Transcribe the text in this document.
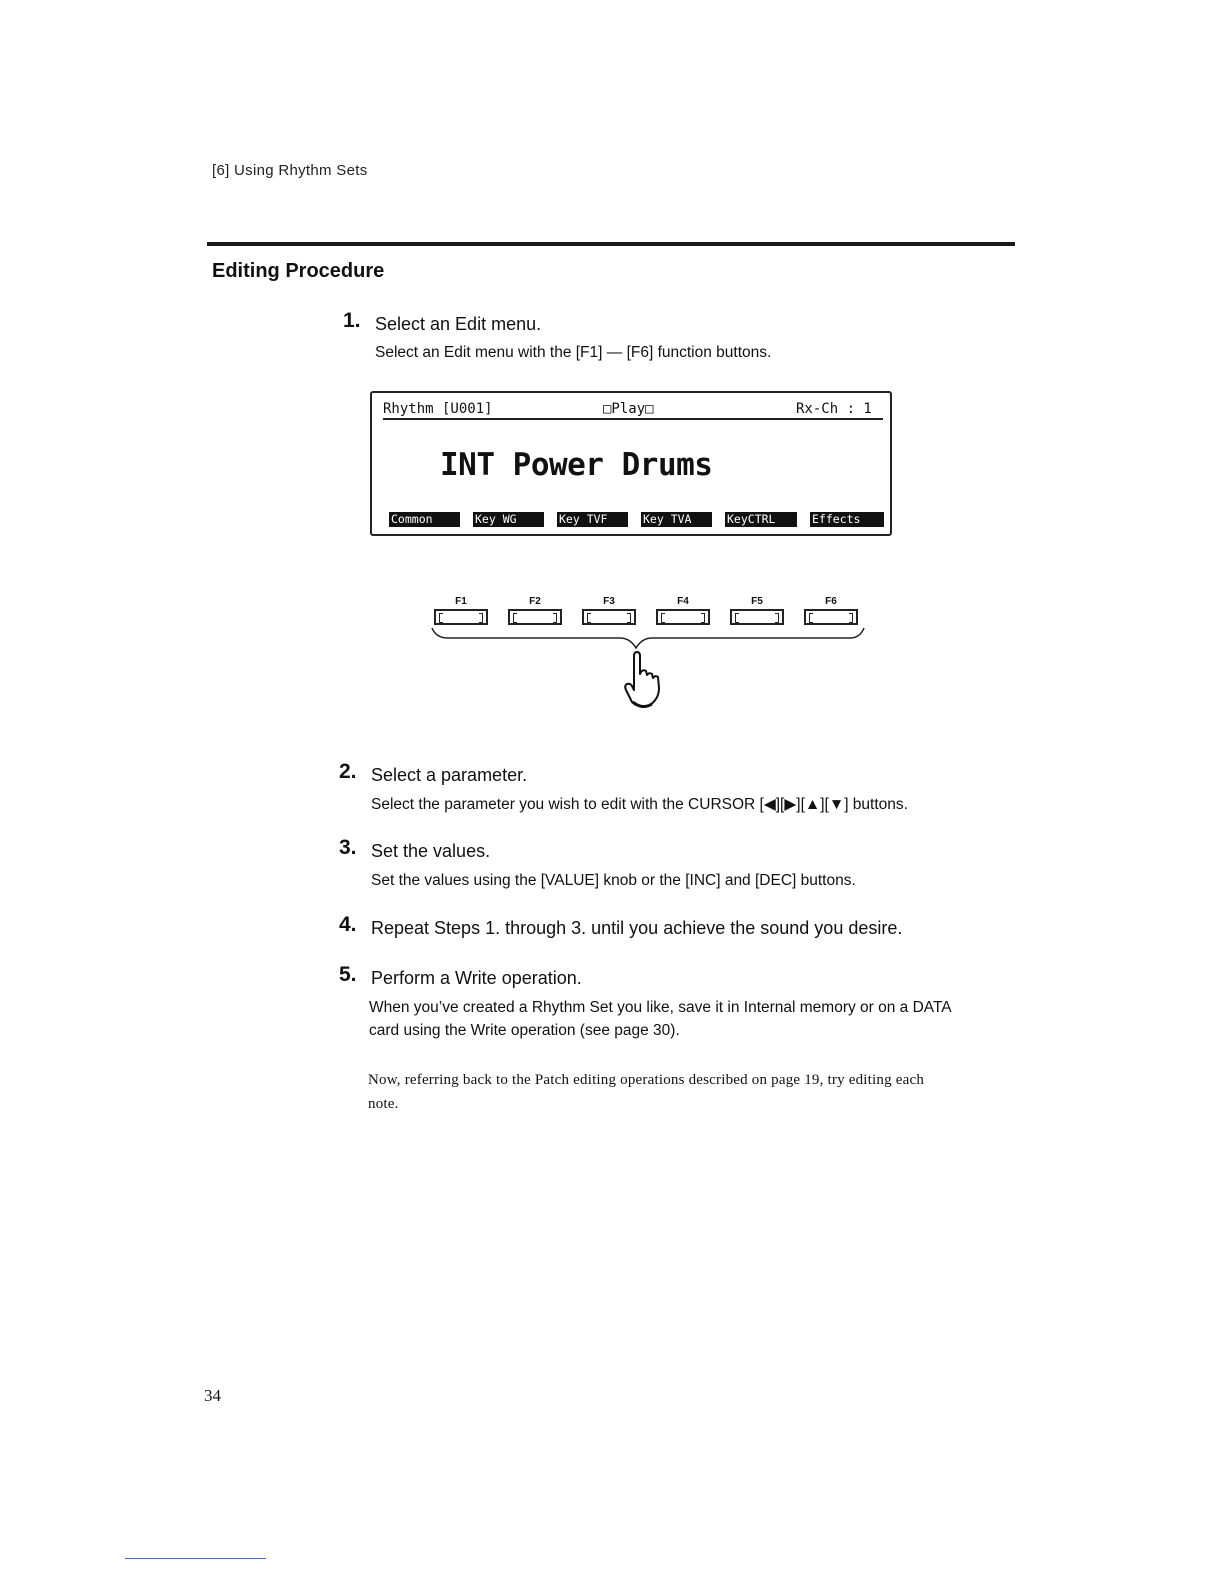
[6] Using Rhythm Sets
Editing Procedure
1. Select an Edit menu.
Select an Edit menu with the [F1] — [F6] function buttons.
Rhythm [U001]	□Play□	Rx-Ch : 1
INT Power Drums
Common	Key WG	Key TVF	Key TVA	KeyCTRL	Effects
F1	F2	F3	F4	F5	F6
2. Select a parameter.
Select the parameter you wish to edit with the CURSOR [◀][▶][▲][▼] buttons.
3. Set the values.
Set the values using the [VALUE] knob or the [INC] and [DEC] buttons.
4. Repeat Steps 1. through 3. until you achieve the sound you desire.
5. Perform a Write operation.
When you’ve created a Rhythm Set you like, save it in Internal memory or on a DATA
card using the Write operation (see page 30).
Now, referring back to the Patch editing operations described on page 19, try editing each
note.
34
